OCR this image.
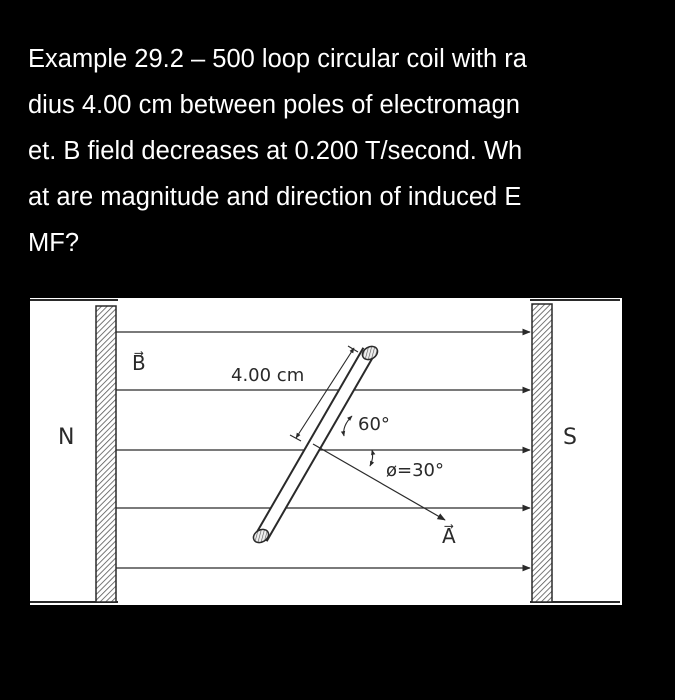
Example 29.2 – 500 loop circular coil with ra
dius 4.00 cm between poles of electromagn
et. B field decreases at 0.200 T/second. Wh
at are magnitude and direction of induced E
MF?
N	S
B⃗
4.00 cm
60°
A⃗
ø=30°
